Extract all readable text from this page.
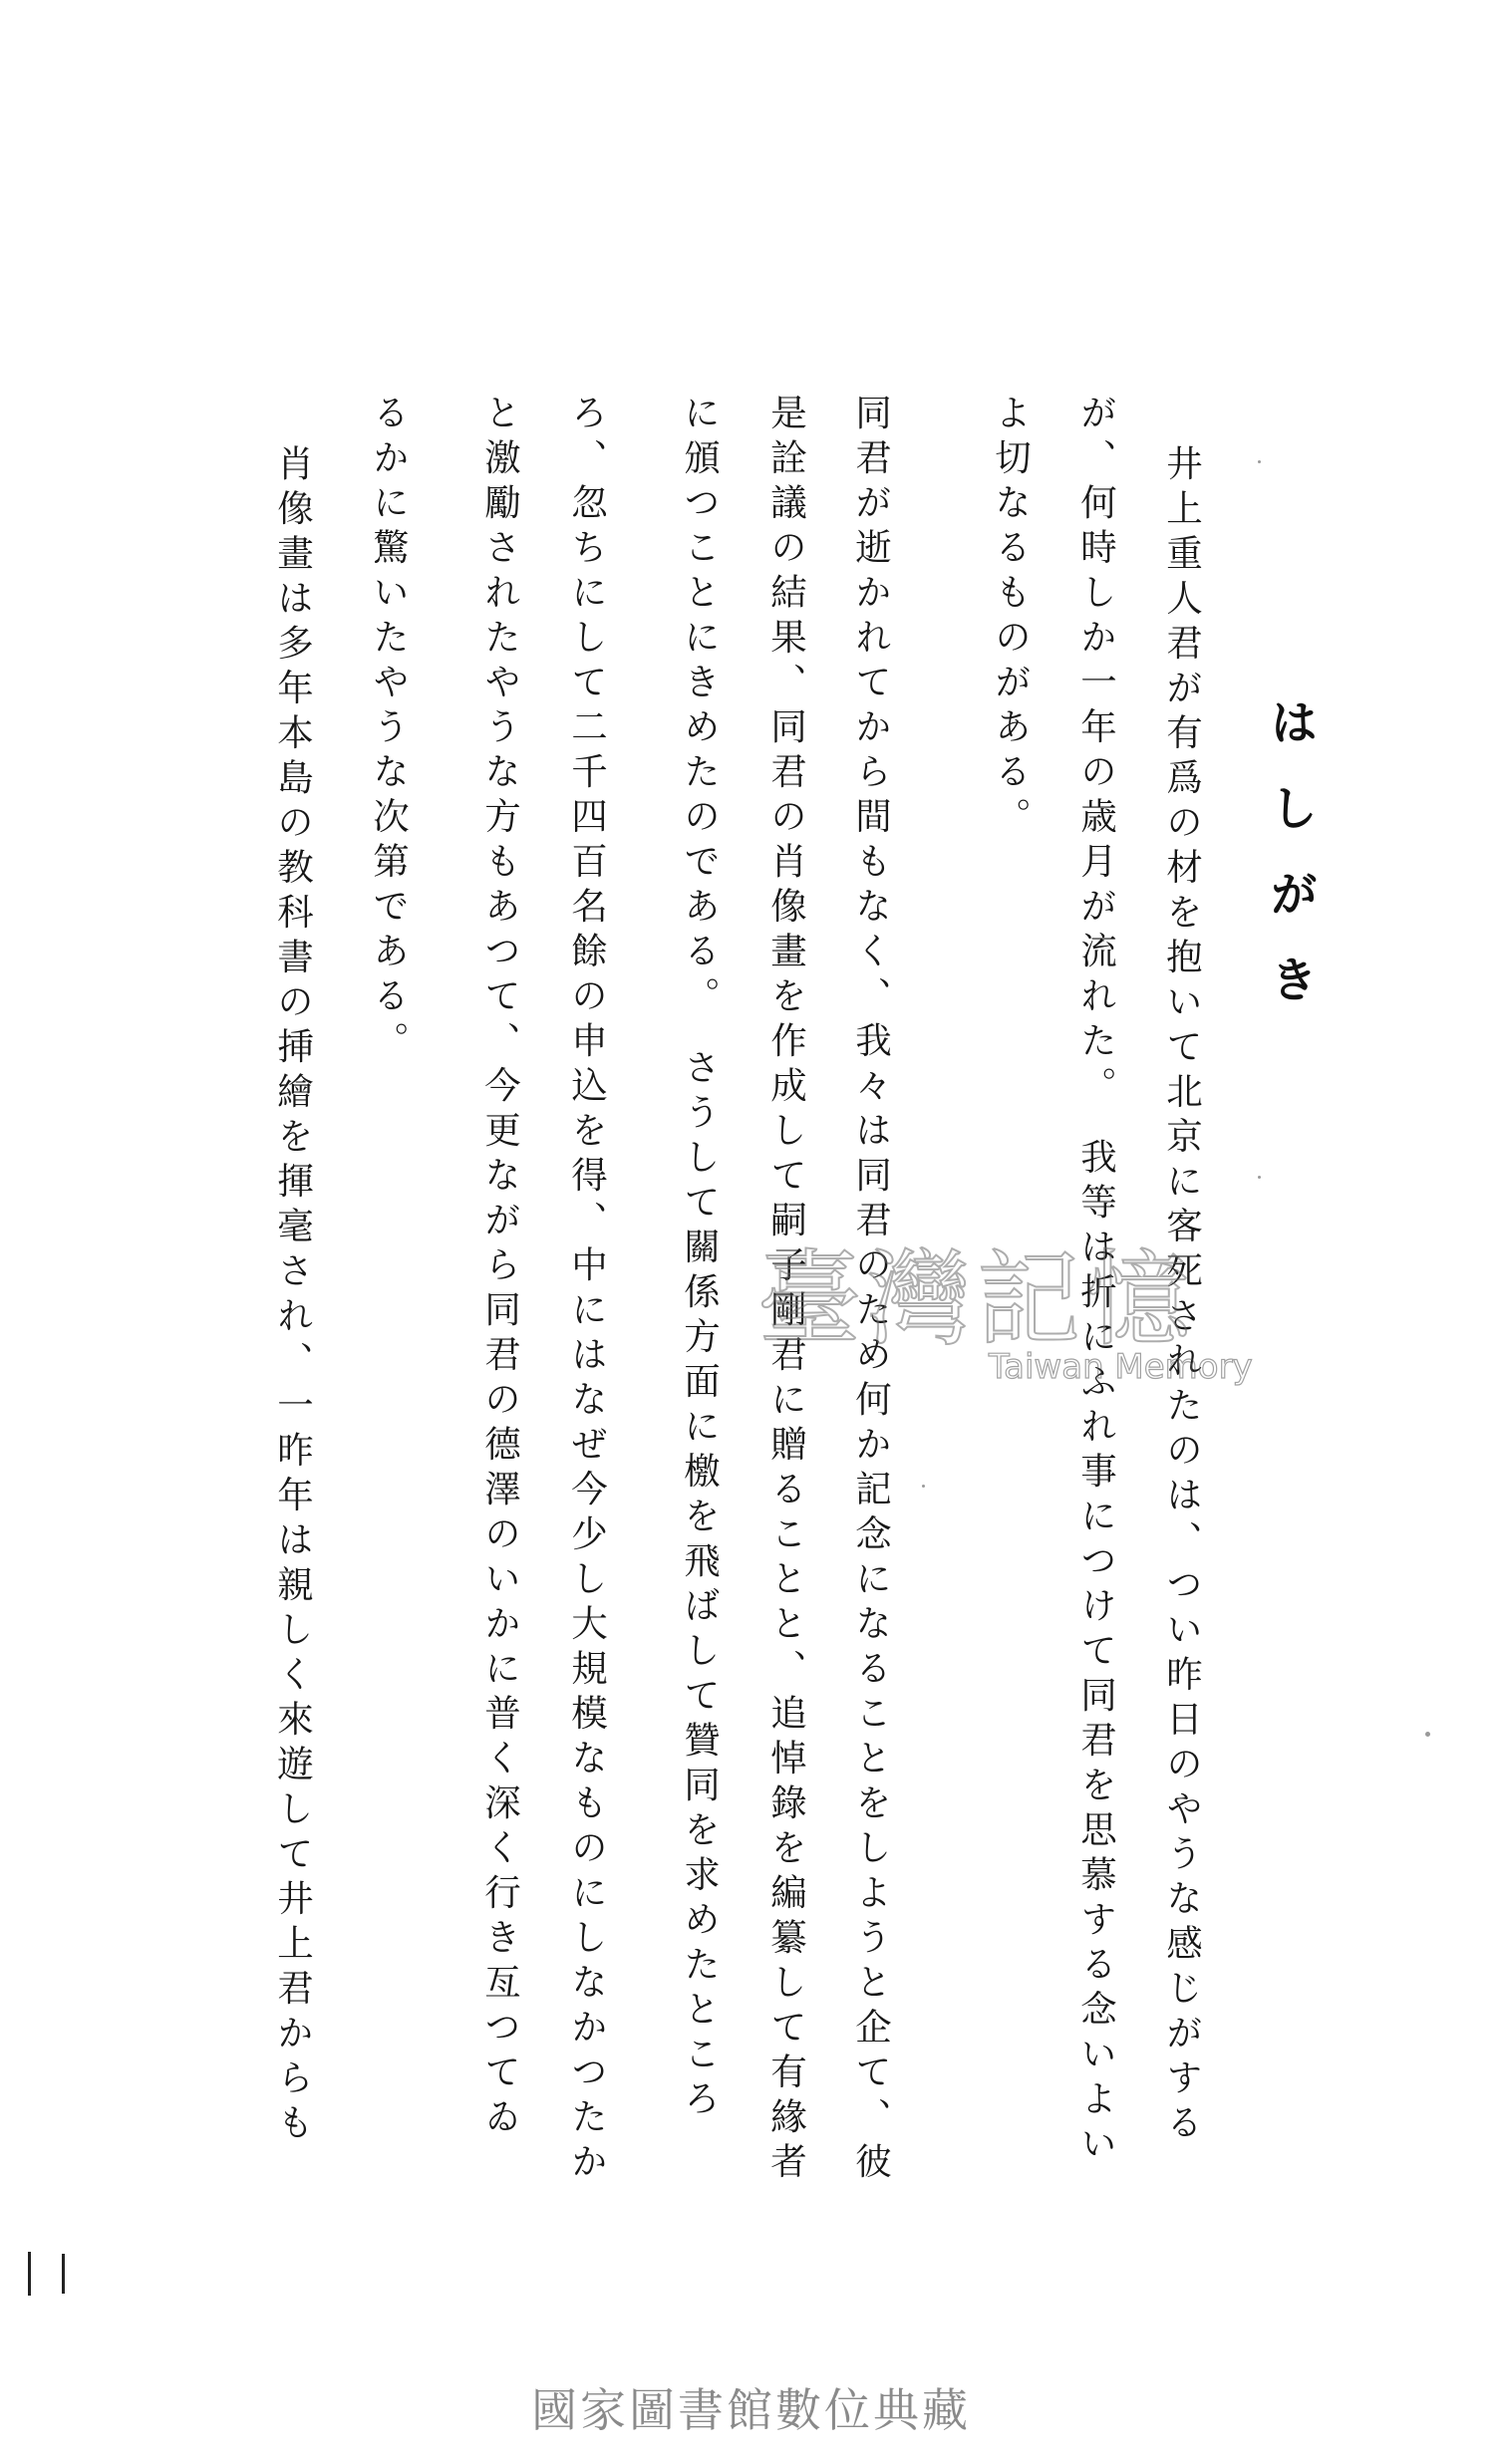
はしがき
井上重人君が有爲の材を抱いて北京に客死されたのは、つい昨日のやうな感じがする
が、何時しか一年の歳月が流れた。　我等は折にふれ事につけて同君を思慕する念いよい
よ切なるものがある。
同君が逝かれてから間もなく、我々は同君のため何か記念になることをしようと企て、彼
是詮議の結果、同君の肖像畫を作成して嗣子剛君に贈ることと、追悼錄を編纂して有緣者
に頒つことにきめたのである。　さうして關係方面に檄を飛ばして贊同を求めたところ
ろ、忽ちにして二千四百名餘の申込を得、中にはなぜ今少し大規模なものにしなかつたか
と激勵されたやうな方もあつて、今更ながら同君の德澤のいかに普く深く行き亙つてゐ
るかに驚いたやうな次第である。
肖像畫は多年本島の教科書の挿繪を揮毫され、一昨年は親しく來遊して井上君からも	臺灣記憶
Taiwan Memory
國家圖書館數位典藏
